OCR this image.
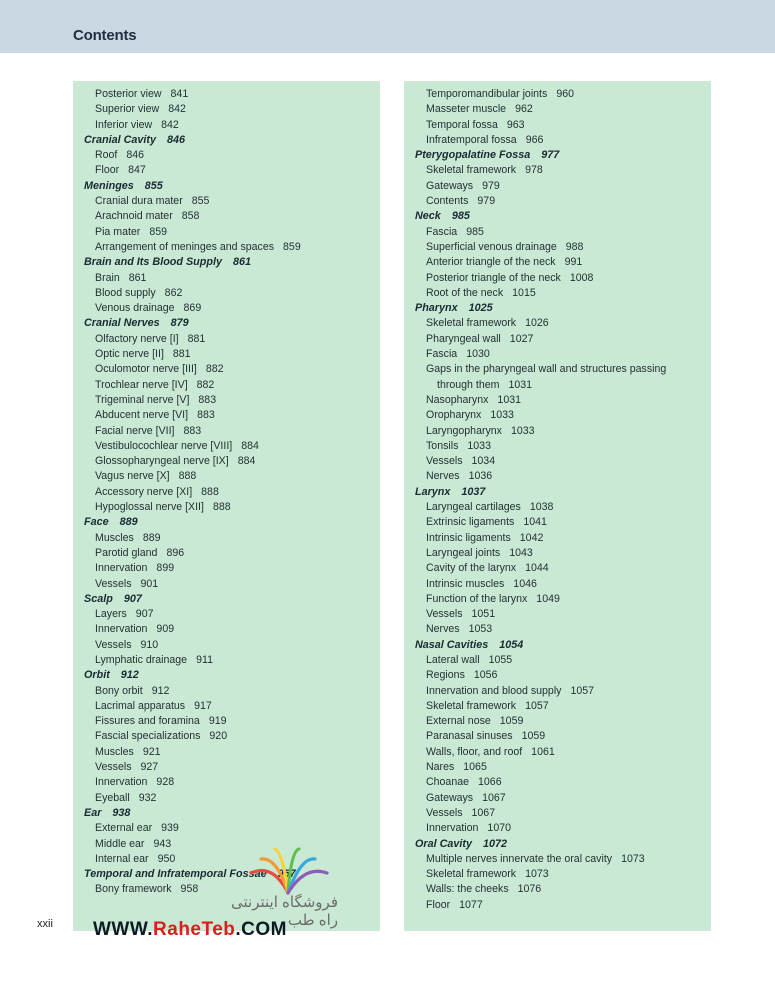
Contents
Posterior view 841
Superior view 842
Inferior view 842
Cranial Cavity 846
Roof 846
Floor 847
Meninges 855
Cranial dura mater 855
Arachnoid mater 858
Pia mater 859
Arrangement of meninges and spaces 859
Brain and Its Blood Supply 861
Brain 861
Blood supply 862
Venous drainage 869
Cranial Nerves 879
Olfactory nerve [I] 881
Optic nerve [II] 881
Oculomotor nerve [III] 882
Trochlear nerve [IV] 882
Trigeminal nerve [V] 883
Abducent nerve [VI] 883
Facial nerve [VII] 883
Vestibulocochlear nerve [VIII] 884
Glossopharyngeal nerve [IX] 884
Vagus nerve [X] 888
Accessory nerve [XI] 888
Hypoglossal nerve [XII] 888
Face 889
Muscles 889
Parotid gland 896
Innervation 899
Vessels 901
Scalp 907
Layers 907
Innervation 909
Vessels 910
Lymphatic drainage 911
Orbit 912
Bony orbit 912
Lacrimal apparatus 917
Fissures and foramina 919
Fascial specializations 920
Muscles 921
Vessels 927
Innervation 928
Eyeball 932
Ear 938
External ear 939
Middle ear 943
Internal ear 950
Temporal and Infratemporal Fossae 957
Bony framework 958
Temporomandibular joints 960
Masseter muscle 962
Temporal fossa 963
Infratemporal fossa 966
Pterygopalatine Fossa 977
Skeletal framework 978
Gateways 979
Contents 979
Neck 985
Fascia 985
Superficial venous drainage 988
Anterior triangle of the neck 991
Posterior triangle of the neck 1008
Root of the neck 1015
Pharynx 1025
Skeletal framework 1026
Pharyngeal wall 1027
Fascia 1030
Gaps in the pharyngeal wall and structures passing
through them 1031
Nasopharynx 1031
Oropharynx 1033
Laryngopharynx 1033
Tonsils 1033
Vessels 1034
Nerves 1036
Larynx 1037
Laryngeal cartilages 1038
Extrinsic ligaments 1041
Intrinsic ligaments 1042
Laryngeal joints 1043
Cavity of the larynx 1044
Intrinsic muscles 1046
Function of the larynx 1049
Vessels 1051
Nerves 1053
Nasal Cavities 1054
Lateral wall 1055
Regions 1056
Innervation and blood supply 1057
Skeletal framework 1057
External nose 1059
Paranasal sinuses 1059
Walls, floor, and roof 1061
Nares 1065
Choanae 1066
Gateways 1067
Vessels 1067
Innervation 1070
Oral Cavity 1072
Multiple nerves innervate the oral cavity 1073
Skeletal framework 1073
Walls: the cheeks 1076
Floor 1077
xxii
فروشگاه اینترنتی راه طب
WWW.RaheTeb.COM
